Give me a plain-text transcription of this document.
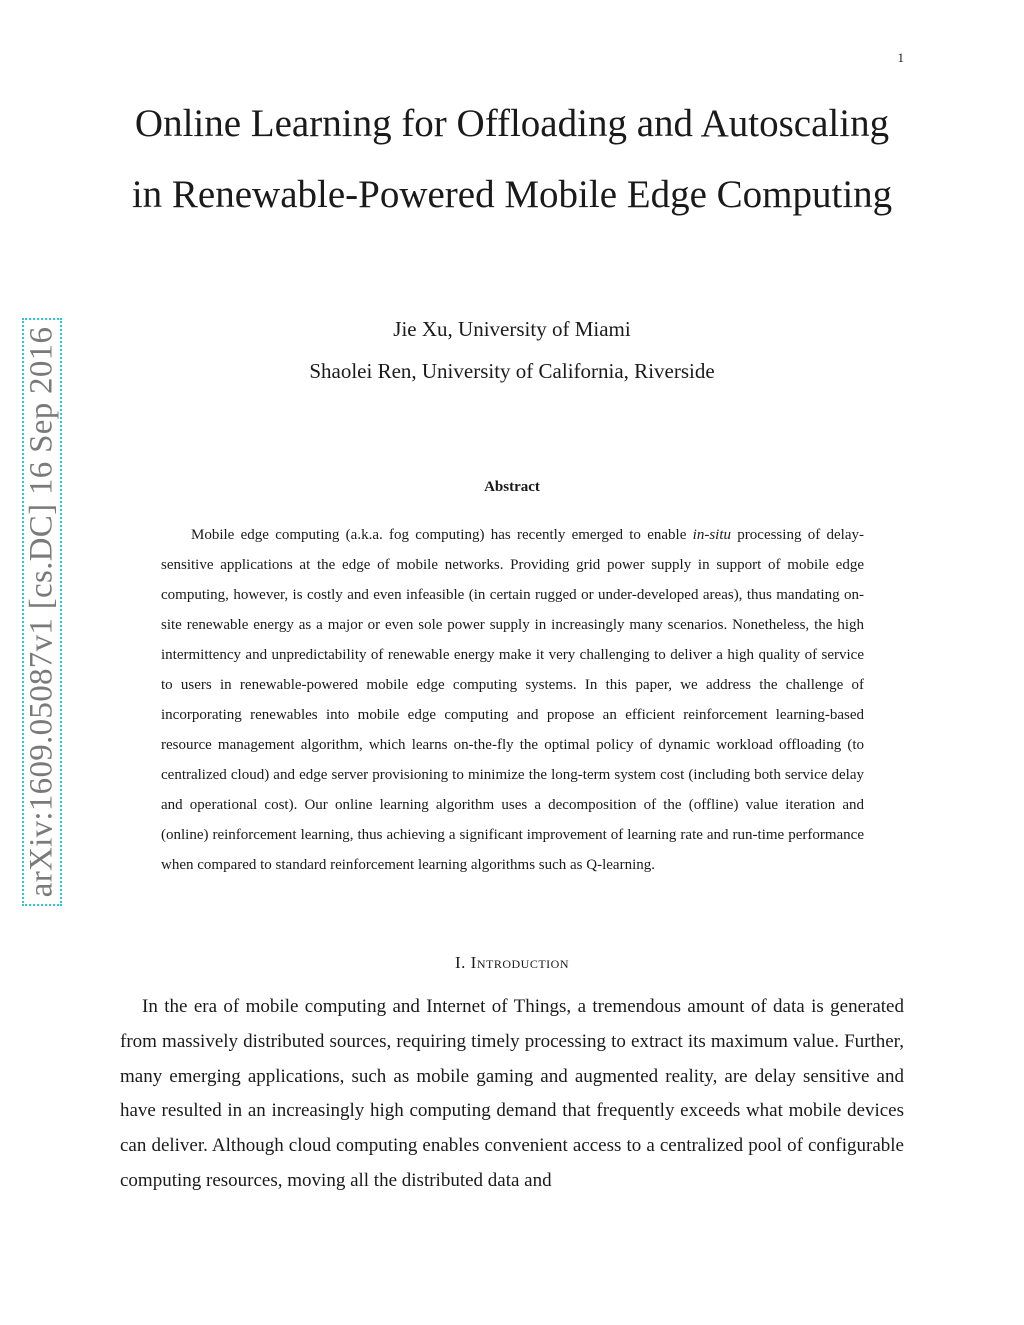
1
arXiv:1609.05087v1 [cs.DC] 16 Sep 2016
Online Learning for Offloading and Autoscaling in Renewable-Powered Mobile Edge Computing
Jie Xu, University of Miami
Shaolei Ren, University of California, Riverside
Abstract

Mobile edge computing (a.k.a. fog computing) has recently emerged to enable in-situ processing of delay-sensitive applications at the edge of mobile networks. Providing grid power supply in support of mobile edge computing, however, is costly and even infeasible (in certain rugged or under-developed areas), thus mandating on-site renewable energy as a major or even sole power supply in increasingly many scenarios. Nonetheless, the high intermittency and unpredictability of renewable energy make it very challenging to deliver a high quality of service to users in renewable-powered mobile edge computing systems. In this paper, we address the challenge of incorporating renewables into mobile edge computing and propose an efficient reinforcement learning-based resource management algorithm, which learns on-the-fly the optimal policy of dynamic workload offloading (to centralized cloud) and edge server provisioning to minimize the long-term system cost (including both service delay and operational cost). Our online learning algorithm uses a decomposition of the (offline) value iteration and (online) reinforcement learning, thus achieving a significant improvement of learning rate and run-time performance when compared to standard reinforcement learning algorithms such as Q-learning.

I. Introduction

In the era of mobile computing and Internet of Things, a tremendous amount of data is generated from massively distributed sources, requiring timely processing to extract its maximum value. Further, many emerging applications, such as mobile gaming and augmented reality, are delay sensitive and have resulted in an increasingly high computing demand that frequently exceeds what mobile devices can deliver. Although cloud computing enables convenient access to a centralized pool of configurable computing resources, moving all the distributed data and
